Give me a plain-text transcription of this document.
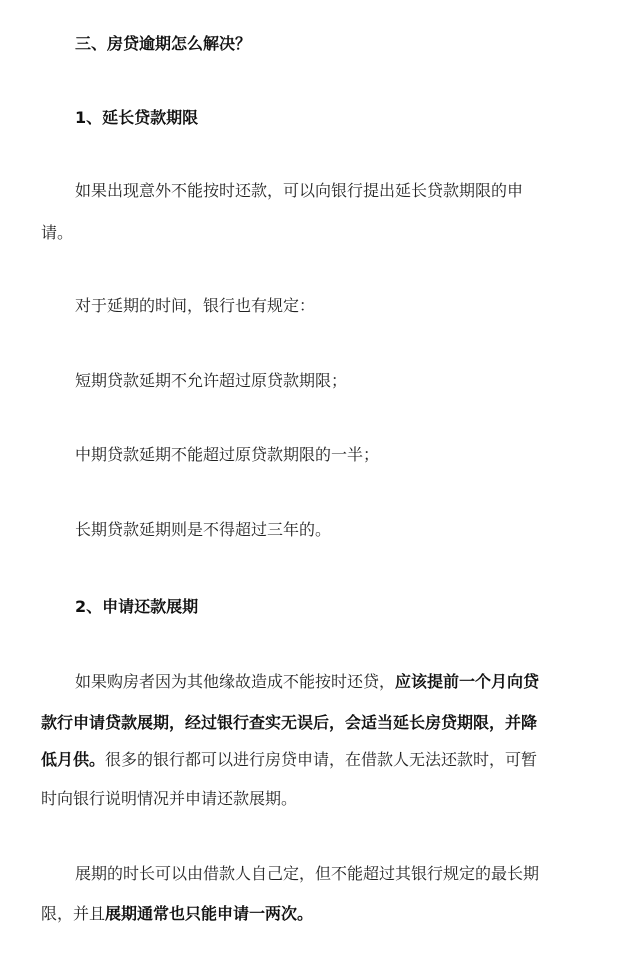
三、房贷逾期怎么解决？
1、延长贷款期限
如果出现意外不能按时还款，可以向银行提出延长贷款期限的申
请。
对于延期的时间，银行也有规定：
短期贷款延期不允许超过原贷款期限；
中期贷款延期不能超过原贷款期限的一半；
长期贷款延期则是不得超过三年的。
2、申请还款展期
如果购房者因为其他缘故造成不能按时还贷，应该提前一个月向贷
款行申请贷款展期，经过银行查实无误后，会适当延长房贷期限，并降
低月供。很多的银行都可以进行房贷申请，在借款人无法还款时，可暂
时向银行说明情况并申请还款展期。
展期的时长可以由借款人自己定，但不能超过其银行规定的最长期
限，并且展期通常也只能申请一两次。
